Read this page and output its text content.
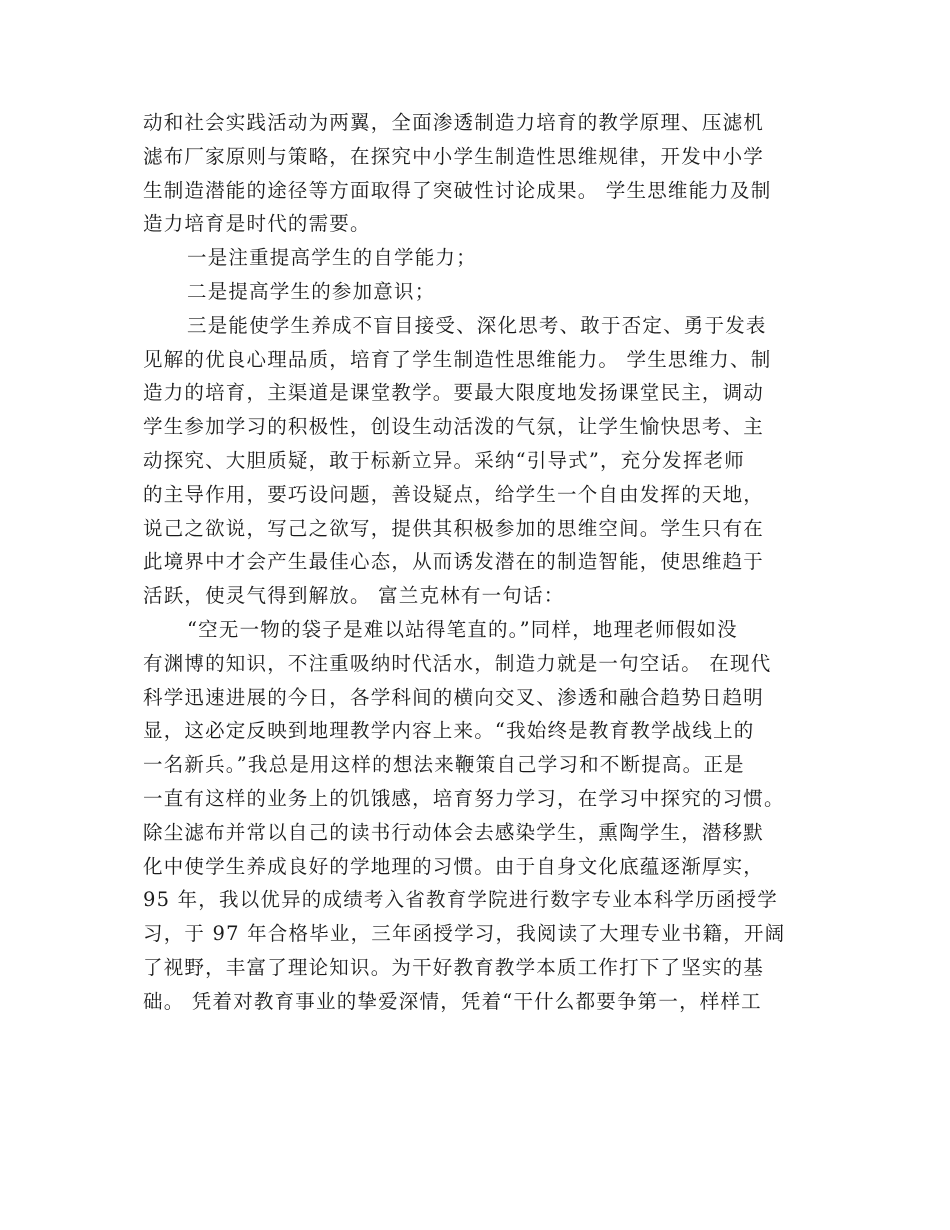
动和社会实践活动为两翼，全面渗透制造力培育的教学原理、压滤机
滤布厂家原则与策略，在探究中小学生制造性思维规律，开发中小学
生制造潜能的途径等方面取得了突破性讨论成果。 学生思维能力及制
造力培育是时代的需要。
一是注重提高学生的自学能力；
二是提高学生的参加意识；
三是能使学生养成不盲目接受、深化思考、敢于否定、勇于发表
见解的优良心理品质，培育了学生制造性思维能力。 学生思维力、制
造力的培育，主渠道是课堂教学。要最大限度地发扬课堂民主，调动
学生参加学习的积极性，创设生动活泼的气氛，让学生愉快思考、主
动探究、大胆质疑，敢于标新立异。采纳“引导式”，充分发挥老师
的主导作用，要巧设问题，善设疑点，给学生一个自由发挥的天地，
说己之欲说，写己之欲写，提供其积极参加的思维空间。学生只有在
此境界中才会产生最佳心态，从而诱发潜在的制造智能，使思维趋于
活跃，使灵气得到解放。 富兰克林有一句话：
“空无一物的袋子是难以站得笔直的。”同样，地理老师假如没
有渊博的知识，不注重吸纳时代活水，制造力就是一句空话。 在现代
科学迅速进展的今日，各学科间的横向交叉、渗透和融合趋势日趋明
显，这必定反映到地理教学内容上来。“我始终是教育教学战线上的
一名新兵。”我总是用这样的想法来鞭策自己学习和不断提高。正是
一直有这样的业务上的饥饿感，培育努力学习，在学习中探究的习惯。
除尘滤布并常以自己的读书行动体会去感染学生，熏陶学生，潜移默
化中使学生养成良好的学地理的习惯。由于自身文化底蕴逐渐厚实，
95 年，我以优异的成绩考入省教育学院进行数字专业本科学历函授学
习，于 97 年合格毕业，三年函授学习，我阅读了大理专业书籍，开阔
了视野，丰富了理论知识。为干好教育教学本质工作打下了坚实的基
础。 凭着对教育事业的挚爱深情，凭着“干什么都要争第一，样样工
